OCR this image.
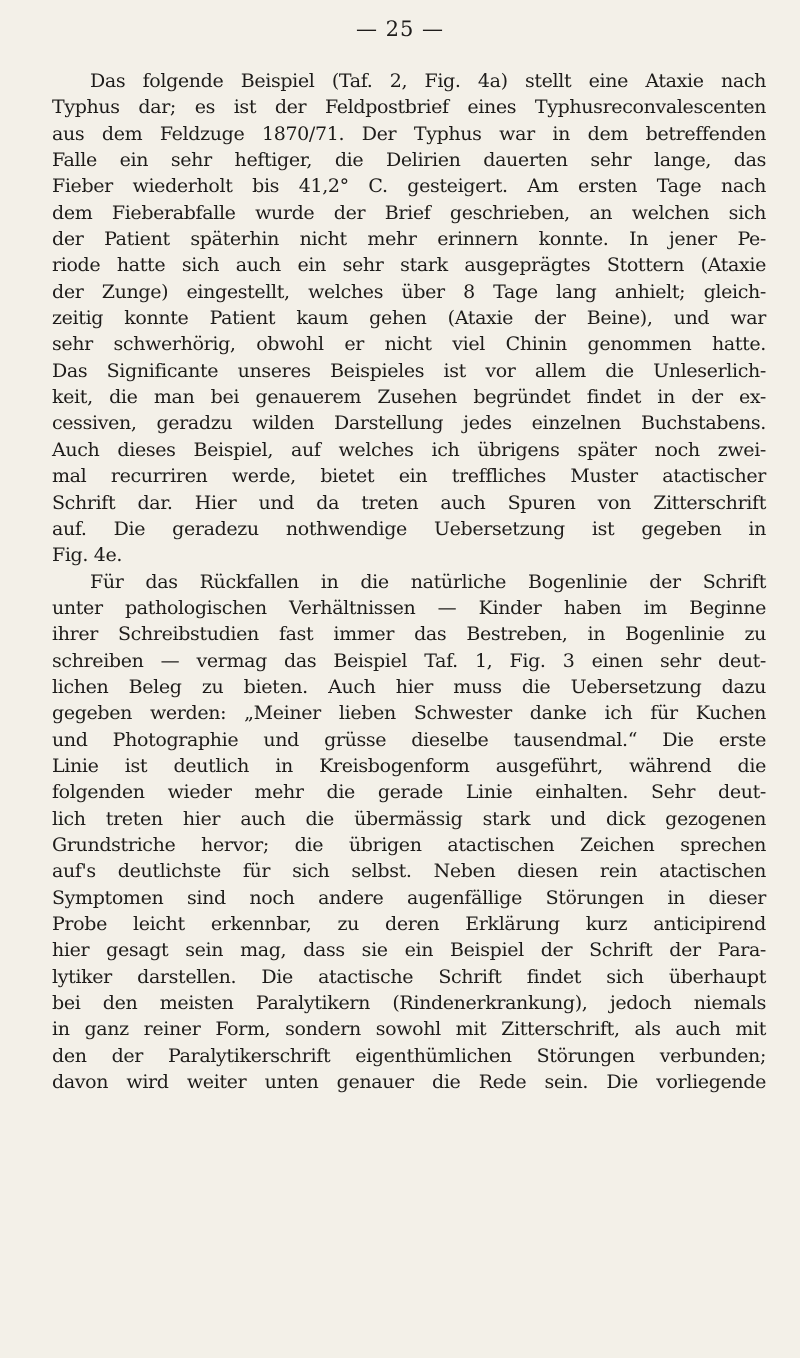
— 25 —
Das folgende Beispiel (Taf. 2, Fig. 4a) stellt eine Ataxie nach
Typhus dar; es ist der Feldpostbrief eines Typhusreconvalescenten
aus dem Feldzuge 1870/71. Der Typhus war in dem betreffenden
Falle ein sehr heftiger, die Delirien dauerten sehr lange, das
Fieber wiederholt bis 41,2° C. gesteigert. Am ersten Tage nach
dem Fieberabfalle wurde der Brief geschrieben, an welchen sich
der Patient späterhin nicht mehr erinnern konnte. In jener Pe-
riode hatte sich auch ein sehr stark ausgeprägtes Stottern (Ataxie
der Zunge) eingestellt, welches über 8 Tage lang anhielt; gleich-
zeitig konnte Patient kaum gehen (Ataxie der Beine), und war
sehr schwerhörig, obwohl er nicht viel Chinin genommen hatte.
Das Significante unseres Beispieles ist vor allem die Unleserlich-
keit, die man bei genauerem Zusehen begründet findet in der ex-
cessiven, geradzu wilden Darstellung jedes einzelnen Buchstabens.
Auch dieses Beispiel, auf welches ich übrigens später noch zwei-
mal recurriren werde, bietet ein treffliches Muster atactischer
Schrift dar. Hier und da treten auch Spuren von Zitterschrift
auf. Die geradezu nothwendige Uebersetzung ist gegeben in
Fig. 4e.
Für das Rückfallen in die natürliche Bogenlinie der Schrift
unter pathologischen Verhältnissen — Kinder haben im Beginne
ihrer Schreibstudien fast immer das Bestreben, in Bogenlinie zu
schreiben — vermag das Beispiel Taf. 1, Fig. 3 einen sehr deut-
lichen Beleg zu bieten. Auch hier muss die Uebersetzung dazu
gegeben werden: „Meiner lieben Schwester danke ich für Kuchen
und Photographie und grüsse dieselbe tausendmal.“ Die erste
Linie ist deutlich in Kreisbogenform ausgeführt, während die
folgenden wieder mehr die gerade Linie einhalten. Sehr deut-
lich treten hier auch die übermässig stark und dick gezogenen
Grundstriche hervor; die übrigen atactischen Zeichen sprechen
auf's deutlichste für sich selbst. Neben diesen rein atactischen
Symptomen sind noch andere augenfällige Störungen in dieser
Probe leicht erkennbar, zu deren Erklärung kurz anticipirend
hier gesagt sein mag, dass sie ein Beispiel der Schrift der Para-
lytiker darstellen. Die atactische Schrift findet sich überhaupt
bei den meisten Paralytikern (Rindenerkrankung), jedoch niemals
in ganz reiner Form, sondern sowohl mit Zitterschrift, als auch mit
den der Paralytikerschrift eigenthümlichen Störungen verbunden;
davon wird weiter unten genauer die Rede sein. Die vorliegende
